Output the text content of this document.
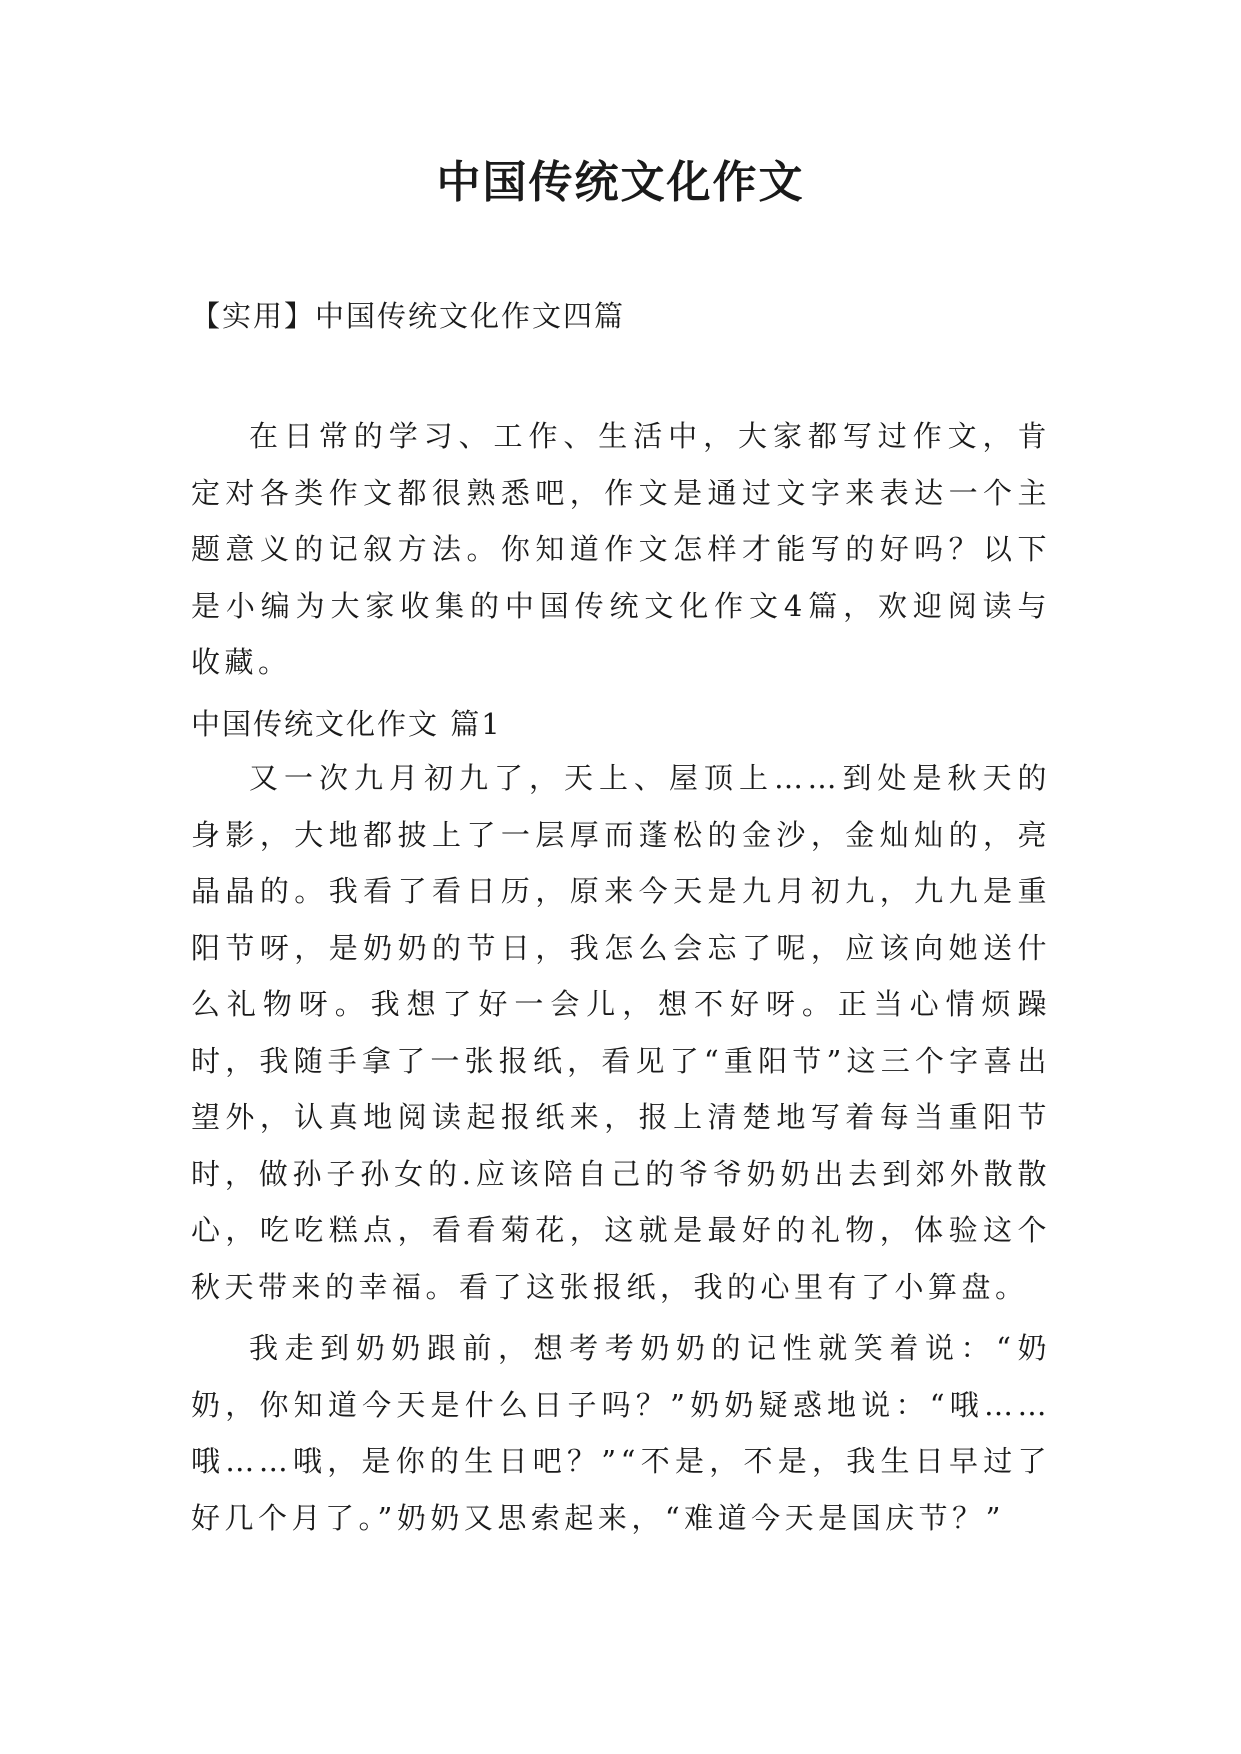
中国传统文化作文

【实用】中国传统文化作文四篇

在日常的学习、工作、生活中，大家都写过作文，肯定对各类作文都很熟悉吧，作文是通过文字来表达一个主题意义的记叙方法。你知道作文怎样才能写的好吗？以下是小编为大家收集的中国传统文化作文4篇，欢迎阅读与收藏。

中国传统文化作文 篇1

又一次九月初九了，天上、屋顶上……到处是秋天的身影，大地都披上了一层厚而蓬松的金沙，金灿灿的，亮晶晶的。我看了看日历，原来今天是九月初九，九九是重阳节呀，是奶奶的节日，我怎么会忘了呢，应该向她送什么礼物呀。我想了好一会儿，想不好呀。正当心情烦躁时，我随手拿了一张报纸，看见了“重阳节”这三个字喜出望外，认真地阅读起报纸来，报上清楚地写着每当重阳节时，做孙子孙女的.应该陪自己的爷爷奶奶出去到郊外散散心，吃吃糕点，看看菊花，这就是最好的礼物，体验这个秋天带来的幸福。看了这张报纸，我的心里有了小算盘。

我走到奶奶跟前，想考考奶奶的记性就笑着说：“奶奶，你知道今天是什么日子吗？”奶奶疑惑地说：“哦……哦……哦，是你的生日吧？”“不是，不是，我生日早过了好几个月了。”奶奶又思索起来，“难道今天是国庆节？”
